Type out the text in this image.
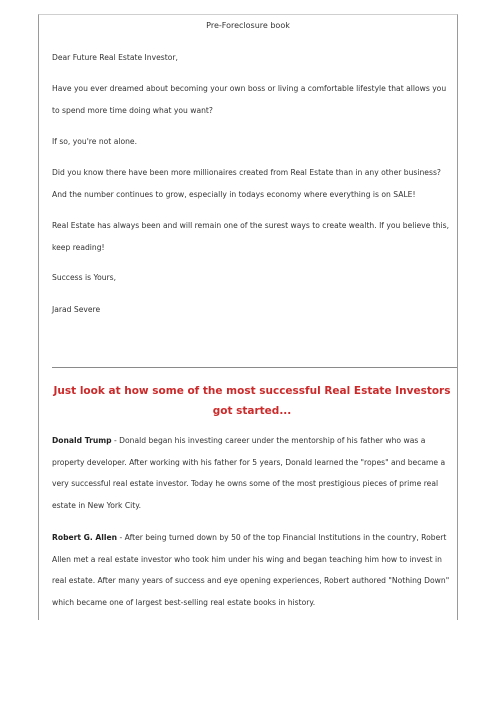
Pre-Foreclosure book

Dear Future Real Estate Investor,

Have you ever dreamed about becoming your own boss or living a comfortable lifestyle that allows you to spend more time doing what you want?

If so, you're not alone.

Did you know there have been more millionaires created from Real Estate than in any other business? And the number continues to grow, especially in todays economy where everything is on SALE!

Real Estate has always been and will remain one of the surest ways to create wealth. If you believe this, keep reading!

Success is Yours,

Jarad Severe

Just look at how some of the most successful Real Estate Investors got started...

Donald Trump - Donald began his investing career under the mentorship of his father who was a property developer. After working with his father for 5 years, Donald learned the "ropes" and became a very successful real estate investor. Today he owns some of the most prestigious pieces of prime real estate in New York City.

Robert G. Allen - After being turned down by 50 of the top Financial Institutions in the country, Robert Allen met a real estate investor who took him under his wing and began teaching him how to invest in real estate. After many years of success and eye opening experiences, Robert authored "Nothing Down" which became one of largest best-selling real estate books in history.
